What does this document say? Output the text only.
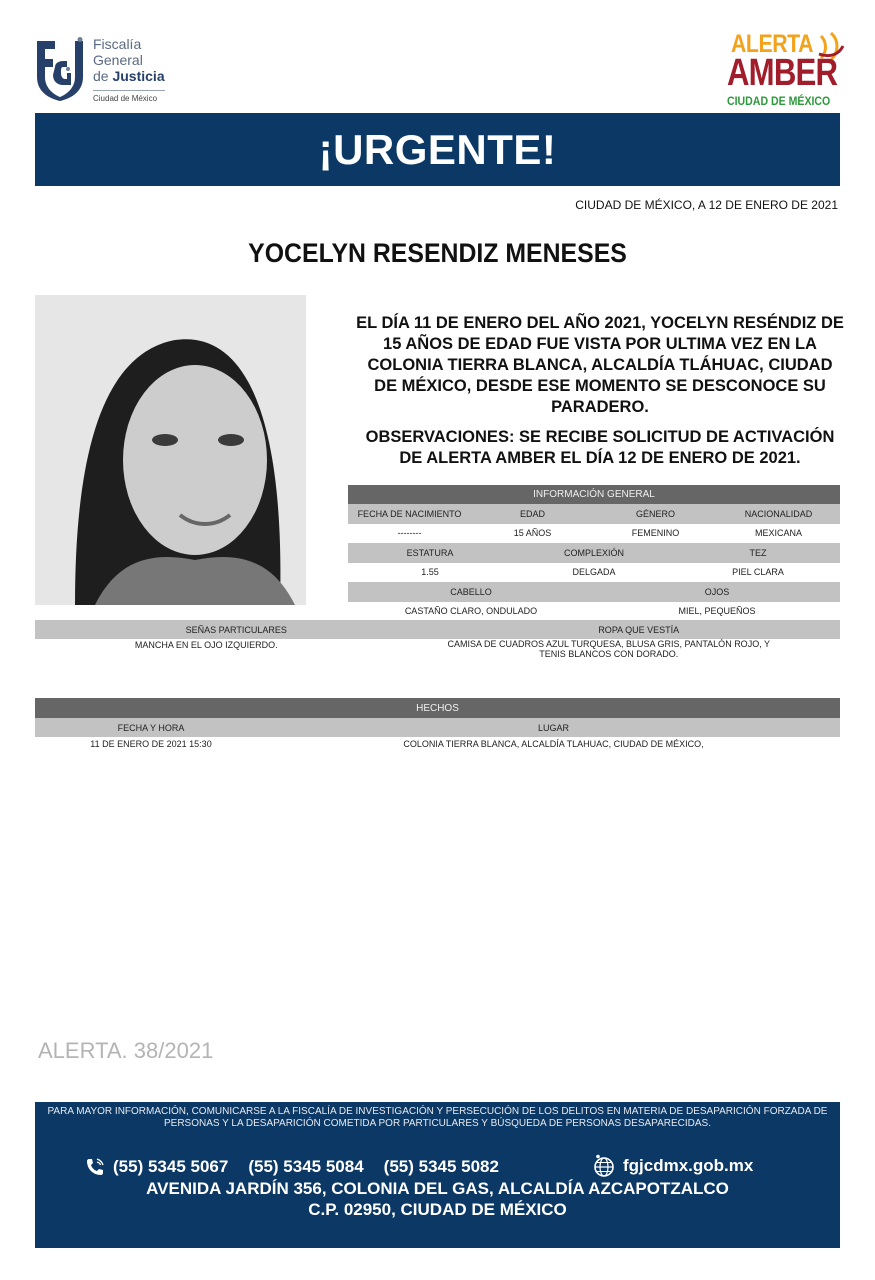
Fiscalía
General
de Justicia
Ciudad de México
ALERTA
AMBER
CIUDAD DE MÉXICO
¡URGENTE!
CIUDAD DE MÉXICO, A 12 DE ENERO DE 2021
YOCELYN RESENDIZ MENESES
EL DÍA 11 DE ENERO DEL AÑO 2021, YOCELYN RESÉNDIZ DE 15 AÑOS DE EDAD FUE VISTA POR ULTIMA VEZ EN LA COLONIA TIERRA BLANCA, ALCALDÍA TLÁHUAC, CIUDAD DE MÉXICO, DESDE ESE MOMENTO SE DESCONOCE SU PARADERO.
OBSERVACIONES: SE RECIBE SOLICITUD DE ACTIVACIÓN DE ALERTA AMBER EL DÍA 12 DE ENERO DE 2021.
INFORMACIÓN GENERAL
FECHA DE NACIMIENTO	EDAD	GÉNERO	NACIONALIDAD
--------	15 AÑOS	FEMENINO	MEXICANA
ESTATURA	COMPLEXIÓN	TEZ
1.55	DELGADA	PIEL CLARA
CABELLO	OJOS
CASTAÑO CLARO, ONDULADO	MIEL, PEQUEÑOS
SEÑAS PARTICULARES	ROPA QUE VESTÍA
MANCHA EN EL OJO IZQUIERDO.	CAMISA DE CUADROS AZUL TURQUESA, BLUSA GRIS, PANTALÓN ROJO, Y TENIS BLANCOS CON DORADO.
HECHOS
FECHA Y HORA	LUGAR
11 DE ENERO DE 2021 15:30	COLONIA TIERRA BLANCA, ALCALDÍA TLAHUAC, CIUDAD DE MÉXICO,
ALERTA. 38/2021
PARA MAYOR INFORMACIÓN, COMUNICARSE A LA FISCALÍA DE INVESTIGACIÓN Y PERSECUCIÓN DE LOS DELITOS EN MATERIA DE DESAPARICIÓN FORZADA DE PERSONAS Y LA DESAPARICIÓN COMETIDA POR PARTICULARES Y BÚSQUEDA DE PERSONAS DESAPARECIDAS.
(55) 5345 5067 (55) 5345 5084 (55) 5345 5082	fgjcdmx.gob.mx
AVENIDA JARDÍN 356, COLONIA DEL GAS, ALCALDÍA AZCAPOTZALCO
C.P. 02950, CIUDAD DE MÉXICO
